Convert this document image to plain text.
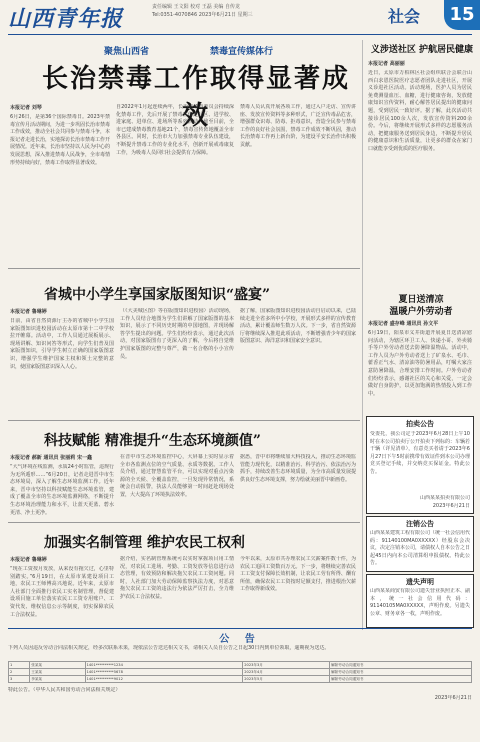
山西青年报	责任编辑 王文阳 校对 王磊 美编 自传龙
Tel:0351-4070846 2023年6月21日 星期三	社会	15
聚焦山西省	禁毒宣传媒体行
长治禁毒工作取得显著成效
本报记者 刘琴
6月26日，是第36个国际禁毒日。2023年禁毒宣传月活动期间，为进一步巩固长治市禁毒工作成效，推动全社会共同参与禁毒斗争，本报记者走进长治，实地探访长治市禁毒工作开展情况。近年来，长治市坚持以人民为中心的发展思想，深入推进禁毒人民战争，全市毒情形势持续向好，禁毒工作取得显著成效。
自2022年1月起连续两年，长治市禁毒委员会持续深化禁毒工作，先后开展了禁毒宣传进社区、进学校、进家庭、进单位、进场所等系列活动。截至目前，全市已建成禁毒教育基地21个，禁毒宣传阵地覆盖全市各县区。同时，长治市大力加强禁毒专业队伍建设，不断提升禁毒工作的专业化水平，创新开展戒毒康复工作，为吸毒人员回归社会提供有力保障。
禁毒人员认真开展各项工作，通过入户走访、宣传讲座、发放宣传资料等多种形式，广泛宣传毒品危害，增强群众识毒、防毒、拒毒意识，营造全民参与禁毒工作的良好社会氛围，禁毒工作成效不断巩固，推动长治禁毒工作再上新台阶，为建设平安长治作出积极贡献。
义涉送社区 护航居民健康
本报记者 高丽丽
近日，太原市万柏林区社会组织联合会联合山西白求恩医院医疗志愿者团队走进社区，开展义诊进社区活动。活动现场，医护人员为居民免费测量血压、血糖，进行健康咨询，发放健康知识宣传资料，耐心解答居民提出的健康问题，受到居民一致好评。据了解，此次活动共接诊居民100余人次，发放宣传资料200余份。今后，将继续开展形式多样的志愿服务活动，把健康服务送到居民身边，不断提升居民的健康意识和生活质量，让更多的群众在家门口就能享受到优质的医疗服务。
夏日送清凉
温暖户外劳动者
本报记者 盛存峰 通讯员 孙文平
6月19日，阳泉市义井街道开展夏日送清凉慰问活动，为辖区环卫工人、快递小哥、外卖骑手等户外劳动者送去防暑降温物品。活动中，工作人员为户外劳动者送上了矿泉水、毛巾、藿香正气水、清凉油等防暑用品，叮嘱大家注意防暑降温，合理安排工作时间。户外劳动者们纷纷表示，感谢社区的关心和关爱，一定会做好自身防护，以更加饱满的热情投入到工作中。
拍卖公告
受委托，我公司定于2023年6月28日上午10时在本公司拍卖厅公开拍卖下列标的：车辆若干辆（详见清单），有意竞买者请于2023年6月27日下午5时前携带有效证件到本公司办理竞买登记手续，并交纳竞买保证金。特此公告。
山西某某拍卖有限公司
2023年6月21日
注销公告
山西某某建筑工程有限公司（统一社会信用代码：91140100MA0XXXXX）经股东会决议，决定注销本公司，请债权人自本公告之日起45日内向本公司清算组申报债权。特此公告。
遗失声明
山西某某商贸有限公司遗失营业执照正本、副本，统一社会信用代码：91140105MA0XXXXX，声明作废。另遗失公章、财务章各一枚，声明作废。
省城中小学生享国家版图知识“盛宴”
本报记者 鲁琳婷
日前，由省自然资源厅主办的省城中小学生国家版图知识进校园活动在太原市第十二中学校拉开帷幕。活动中，工作人员通过展板展示、现场讲解、知识问答等形式，向学生们普及国家版图知识，引导学生树立正确的国家版图意识，增强学生维护国家主权和领土完整的意识，使国家版图意识深入人心。
（《大美城区图》等在版图知识进校园）活动现场，工作人员结合地图为学生们讲解了国家版图的基本知识，展示了不同历史时期的中国地图，并现场解答学生提出的问题。学生们纷纷表示，通过此次活动，对国家版图有了更深入的了解，今后将自觉维护国家版图的完整与尊严，做一名合格的小小宣传员。
据了解，国家版图知识进校园活动自启动以来，已陆续走进全省多所中小学校，开展形式多样的宣传教育活动，累计覆盖师生数万人次。下一步，省自然资源厅将继续深入推进此项活动，不断增强青少年的国家版图意识、海洋意识和国家安全意识。
科技赋能 精准提升“生态环境颜值”
本报记者 郝新 通讯员 张丽莉 宋一鑫
“大气环境在线监测，水质24小时监管，违规行为无所遁形……”6月20日，记者走进晋中市生态环境局，深入了解生态环境监测工作。近年来，晋中市坚持以科技赋能生态环境监管，建成了覆盖全市的生态环境监测网络，不断提升生态环境治理能力和水平，让蓝天更蓝、碧水更清、净土更净。
在晋中市生态环境监控中心，大屏幕上实时显示着全市各监测点位的空气质量、水质等数据。工作人员介绍，通过智慧监管平台，可以实现对重点污染源的全天候、全覆盖监控，一旦发现异常情况，系统会自动报警，执法人员能够第一时间赶赴现场处置，大大提高了环境执法效率。
据悉，晋中市将继续加大科技投入，推动生态环境监管能力现代化，以精准治污、科学治污、依法治污为抓手，持续改善生态环境质量，为全市高质量发展提供良好生态环境支撑，努力绘就美丽晋中新画卷。
加强实名制管理 维护农民工权利
本报记者 鲁琳婷
“现在工资按月发放，从来没有拖欠过，心里特别踏实。”6月19日，在太原市某建设项目工地，农民工王师傅高兴地说。近年来，太原市人社部门全面推行农民工实名制管理，督促建设项目施工单位落实农民工工资专用账户、工资代发、维权信息公示等制度，切实保障农民工合法权益。
据介绍，实名制管理系统可以实时掌握项目用工情况，对农民工进场、考勤、工资发放等信息进行动态管理，有效预防和解决拖欠农民工工资问题。同时，人社部门加大劳动保障监察执法力度，对恶意拖欠农民工工资的违法行为依法严厉打击，全力维护农民工合法权益。
今年以来，太原市共办理农民工欠薪案件数十件，为农民工追回工资数百万元。下一步，将继续完善农民工工资支付保障长效机制，让农民工劳有所得、酬有所值，确保农民工工资按时足额支付，推进根治欠薪工作取得新成效。
公 告
下列人员因违反劳动合同法相关规定，经多次联系未果，现依法公告送达相关文书，请相关人员自公告之日起30日内到单位领取，逾期视为送达。
1	张某某	1401**********1234	2023年3月	解除劳动合同通知书
2	王某某	1401**********5678	2023年4月	解除劳动合同通知书
3	李某某	1401**********9012	2023年5月	解除劳动合同通知书
特此公告。（中华人民共和国劳动合同法相关规定）
2023年6月21日
